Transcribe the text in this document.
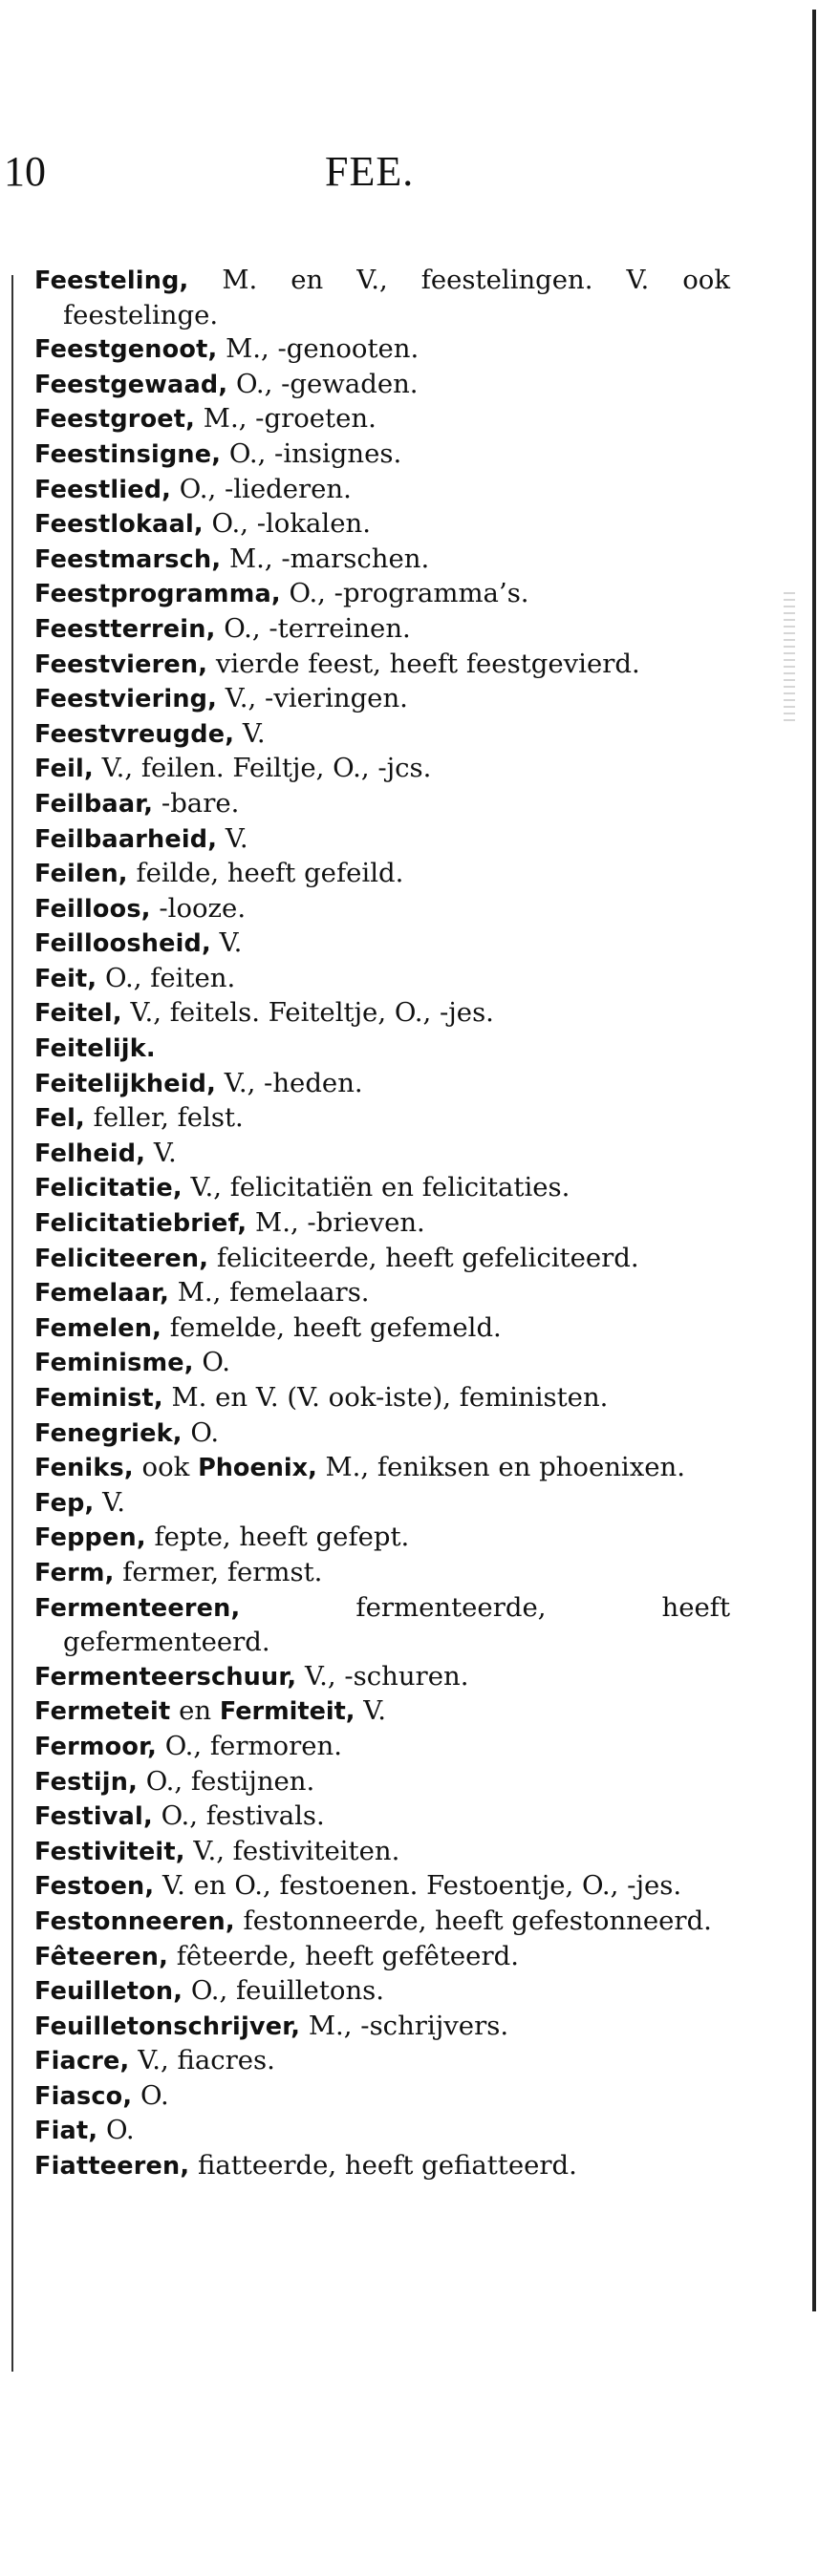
10	FEE.
Feesteling, M. en V., feestelingen. V. ook feestelinge.
Feestgenoot, M., -genooten.
Feestgewaad, O., -gewaden.
Feestgroet, M., -groeten.
Feestinsigne, O., -insignes.
Feestlied, O., -liederen.
Feestlokaal, O., -lokalen.
Feestmarsch, M., -marschen.
Feestprogramma, O., -programma’s.
Feestterrein, O., -terreinen.
Feestvieren, vierde feest, heeft feestgevierd.
Feestviering, V., -vieringen.
Feestvreugde, V.
Feil, V., feilen. Feiltje, O., -jcs.
Feilbaar, -bare.
Feilbaarheid, V.
Feilen, feilde, heeft gefeild.
Feilloos, -looze.
Feilloosheid, V.
Feit, O., feiten.
Feitel, V., feitels. Feiteltje, O., -jes.
Feitelijk.
Feitelijkheid, V., -heden.
Fel, feller, felst.
Felheid, V.
Felicitatie, V., felicitatiën en felicitaties.
Felicitatiebrief, M., -brieven.
Feliciteeren, feliciteerde, heeft gefeliciteerd.
Femelaar, M., femelaars.
Femelen, femelde, heeft gefemeld.
Feminisme, O.
Feminist, M. en V. (V. ook-iste), feministen.
Fenegriek, O.
Feniks, ook Phoenix, M., feniksen en phoenixen.
Fep, V.
Feppen, fepte, heeft gefept.
Ferm, fermer, fermst.
Fermenteeren, fermenteerde, heeft gefermenteerd.
Fermenteerschuur, V., -schuren.
Fermeteit en Fermiteit, V.
Fermoor, O., fermoren.
Festijn, O., festijnen.
Festival, O., festivals.
Festiviteit, V., festiviteiten.
Festoen, V. en O., festoenen. Festoentje, O., -jes.
Festonneeren, festonneerde, heeft gefestonneerd.
Fêteeren, fêteerde, heeft gefêteerd.
Feuilleton, O., feuilletons.
Feuilletonschrijver, M., -schrijvers.
Fiacre, V., fiacres.
Fiasco, O.
Fiat, O.
Fiatteeren, fiatteerde, heeft gefiatteerd.
